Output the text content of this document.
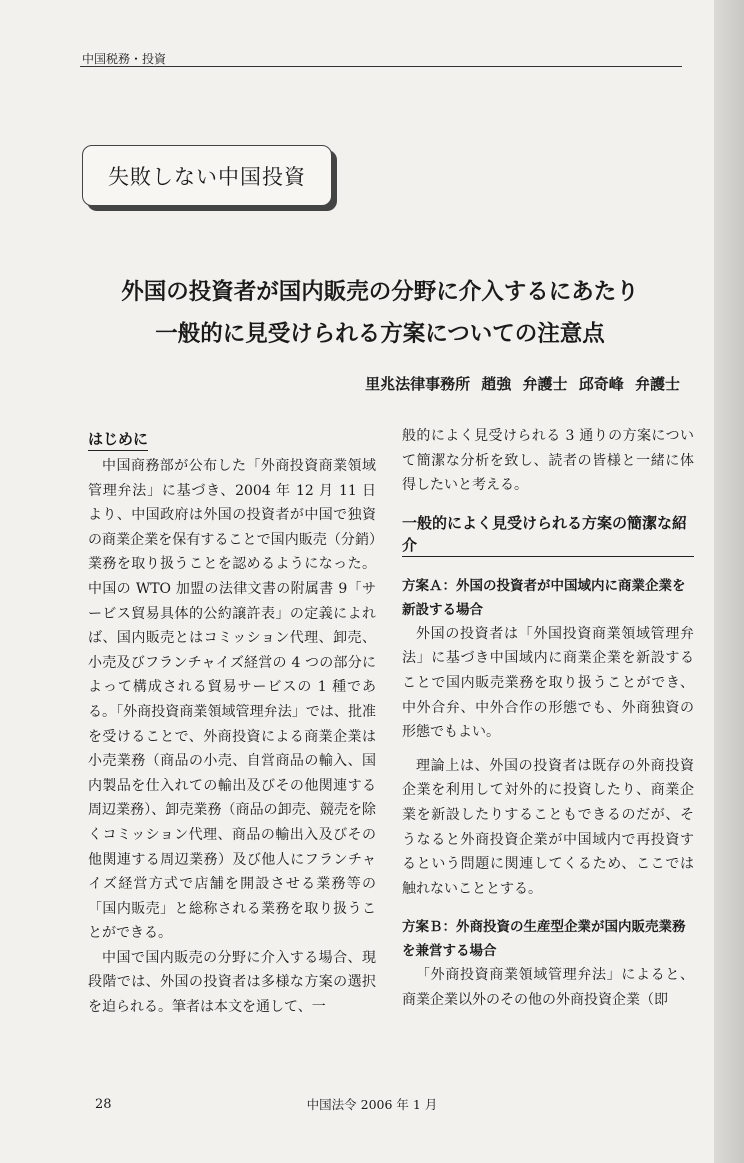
中国税務・投資
失敗しない中国投資
外国の投資者が国内販売の分野に介入するにあたり
一般的に見受けられる方案についての注意点
里兆法律事務所 趙強 弁護士 邱奇峰 弁護士
はじめに

中国商務部が公布した「外商投資商業領域管理弁法」に基づき、2004 年 12 月 11 日より、中国政府は外国の投資者が中国で独資の商業企業を保有することで国内販売（分銷）業務を取り扱うことを認めるようになった。中国の WTO 加盟の法律文書の附属書 9「サービス貿易具体的公約譲許表」の定義によれば、国内販売とはコミッション代理、卸売、小売及びフランチャイズ経営の 4 つの部分によって構成される貿易サービスの 1 種である。「外商投資商業領域管理弁法」では、批准を受けることで、外商投資による商業企業は小売業務（商品の小売、自営商品の輸入、国内製品を仕入れての輸出及びその他関連する周辺業務）、卸売業務（商品の卸売、競売を除くコミッション代理、商品の輸出入及びその他関連する周辺業務）及び他人にフランチャイズ経営方式で店舗を開設させる業務等の「国内販売」と総称される業務を取り扱うことができる。

中国で国内販売の分野に介入する場合、現段階では、外国の投資者は多様な方案の選択を迫られる。筆者は本文を通して、一

般的によく見受けられる 3 通りの方案について簡潔な分析を致し、読者の皆様と一緒に体得したいと考える。

一般的によく見受けられる方案の簡潔な紹介
方案Ａ：外国の投資者が中国域内に商業企業を新設する場合

外国の投資者は「外国投資商業領域管理弁法」に基づき中国域内に商業企業を新設することで国内販売業務を取り扱うことができ、中外合弁、中外合作の形態でも、外商独資の形態でもよい。

理論上は、外国の投資者は既存の外商投資企業を利用して対外的に投資したり、商業企業を新設したりすることもできるのだが、そうなると外商投資企業が中国域内で再投資するという問題に関連してくるため、ここでは触れないこととする。

方案Ｂ：外商投資の生産型企業が国内販売業務を兼営する場合

「外商投資商業領域管理弁法」によると、商業企業以外のその他の外商投資企業（即

28	中国法令 2006 年 1 月
